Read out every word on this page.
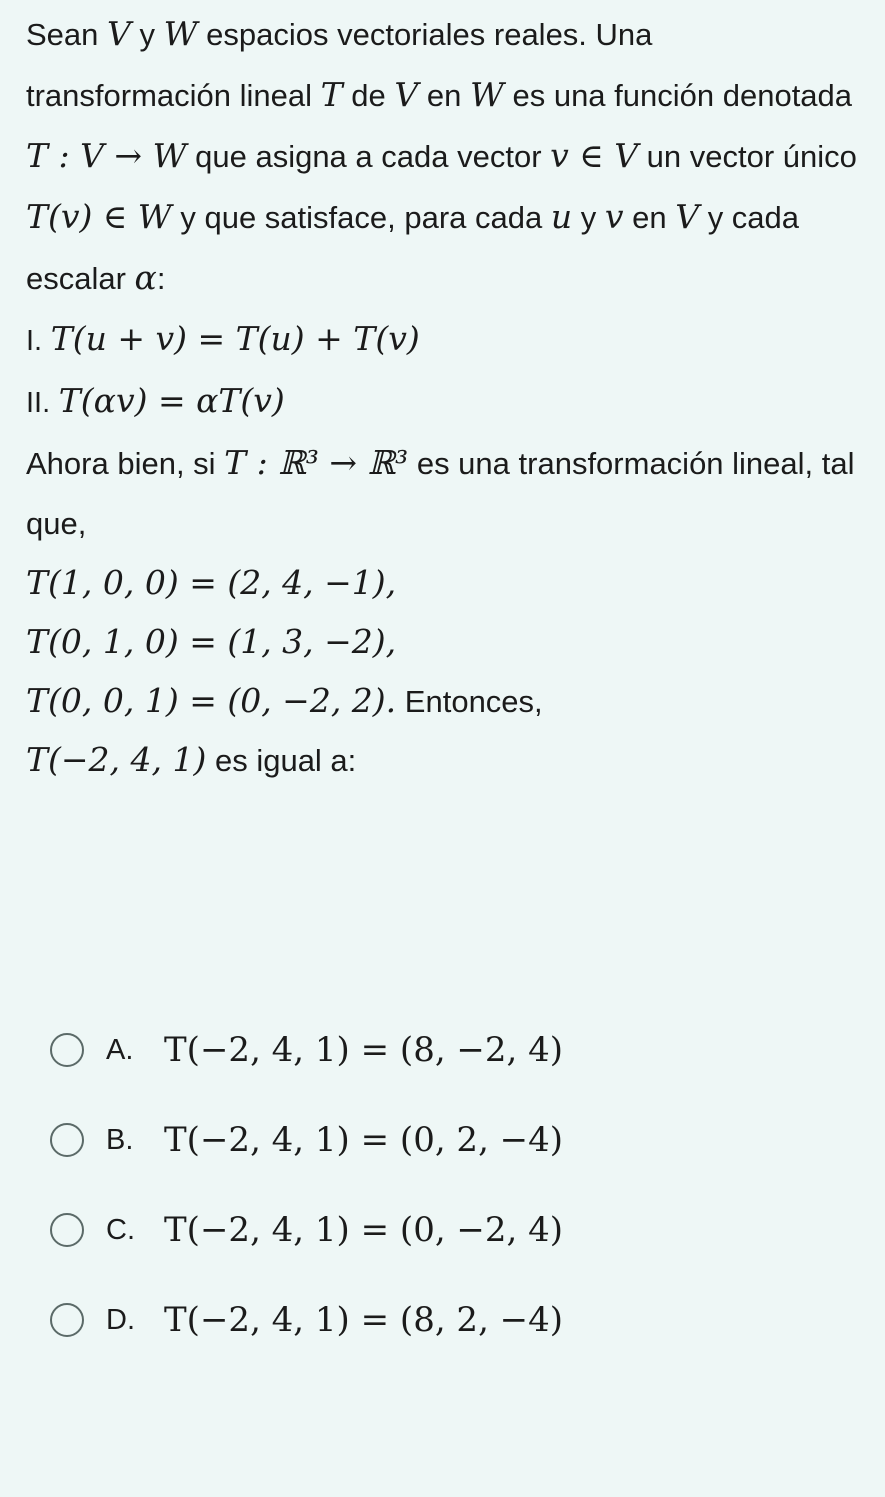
Sean V y W espacios vectoriales reales. Una transformación lineal T de V en W es una función denotada T : V → W que asigna a cada vector v ∈ V un vector único T(v) ∈ W y que satisface, para cada u y v en V y cada escalar α:

I. T(u + v) = T(u) + T(v)

II. T(αv) = αT(v)

Ahora bien, si T : ℝ³ → ℝ³ es una transformación lineal, tal que,

T(1, 0, 0) = (2, 4, −1),

T(0, 1, 0) = (1, 3, −2),

T(0, 0, 1) = (0, −2, 2). Entonces,

T(−2, 4, 1) es igual a:

A. T(−2, 4, 1) = (8, −2, 4)
B. T(−2, 4, 1) = (0, 2, −4)
C. T(−2, 4, 1) = (0, −2, 4)
D. T(−2, 4, 1) = (8, 2, −4)
